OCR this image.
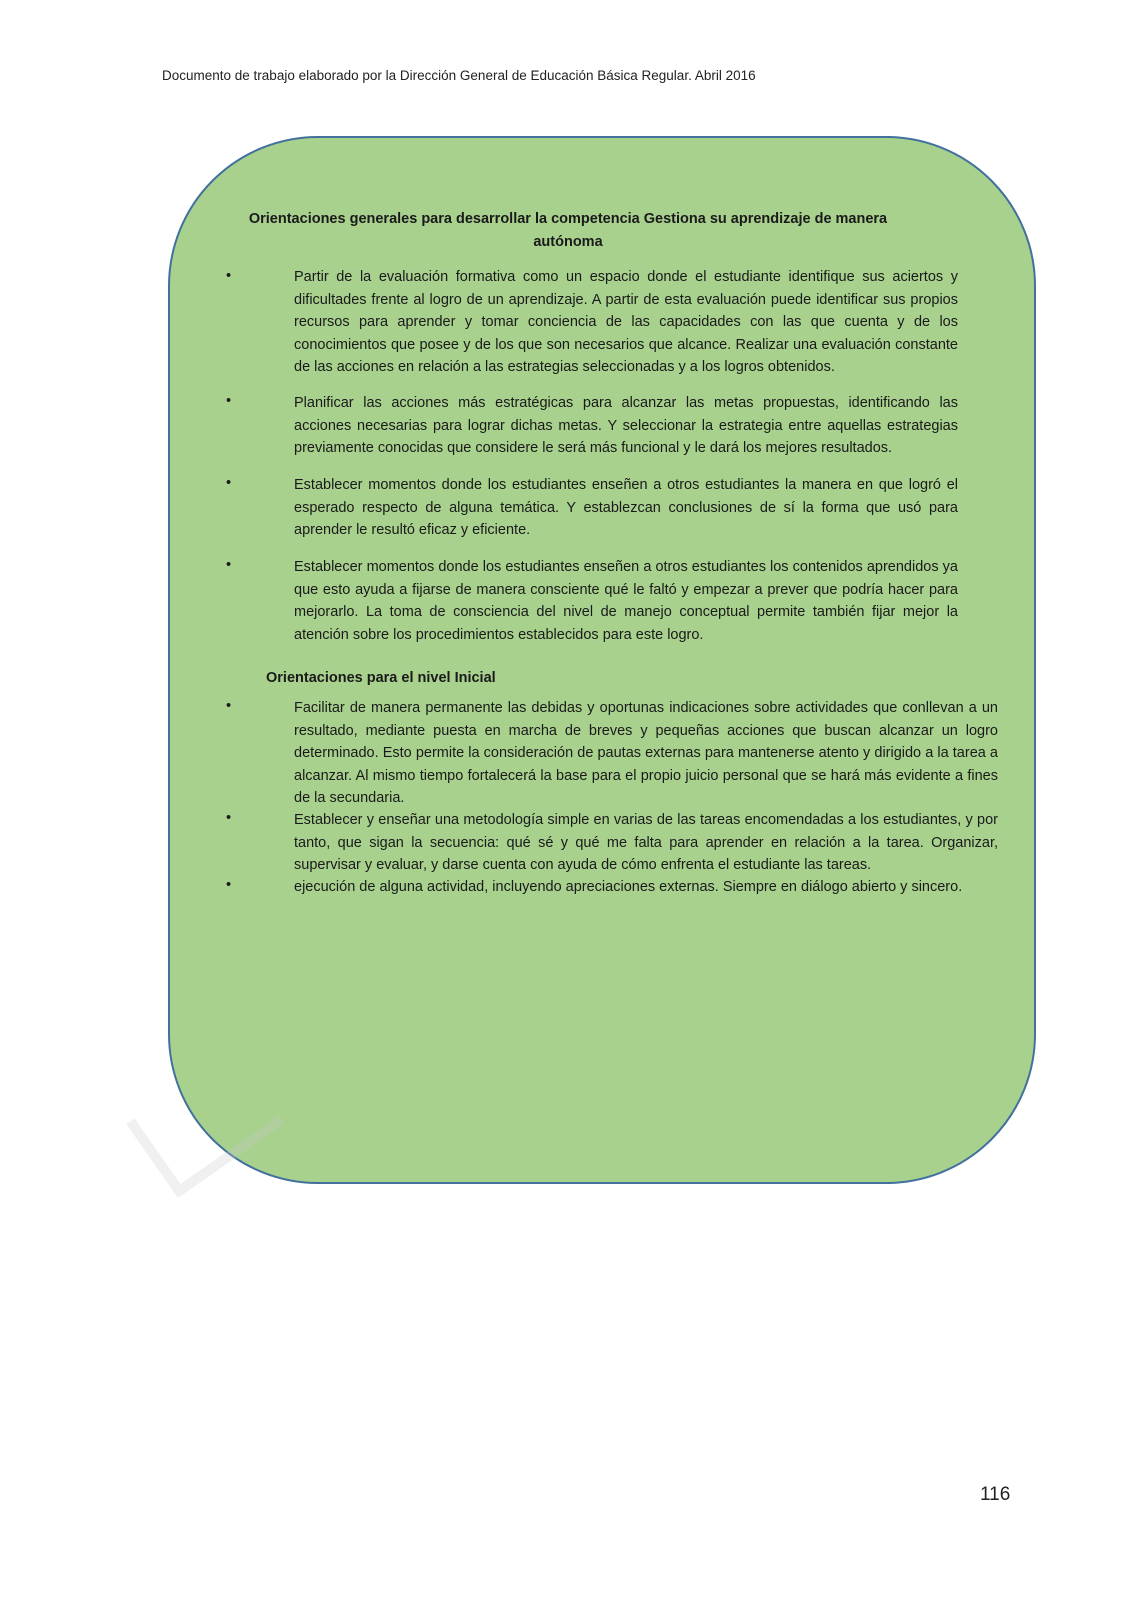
Documento de trabajo elaborado por la Dirección General de Educación Básica Regular. Abril 2016
Orientaciones generales para desarrollar la competencia Gestiona su aprendizaje de manera autónoma
•	Partir de la evaluación formativa como un espacio donde el estudiante identifique sus aciertos y dificultades frente al logro de un aprendizaje. A partir de esta evaluación puede identificar sus propios recursos para aprender y tomar conciencia de las capacidades con las que cuenta y de los conocimientos que posee y de los que son necesarios que alcance. Realizar una evaluación constante de las acciones en relación a las estrategias seleccionadas y a los logros obtenidos.
•	Planificar las acciones más estratégicas para alcanzar las metas propuestas, identificando las acciones necesarias para lograr dichas metas. Y seleccionar la estrategia entre aquellas estrategias previamente conocidas que considere le será más funcional y le dará los mejores resultados.
•	Establecer momentos donde los estudiantes enseñen a otros estudiantes la manera en que logró el esperado respecto de alguna temática. Y establezcan conclusiones de sí la forma que usó para aprender le resultó eficaz y eficiente.
•	Establecer momentos donde los estudiantes enseñen a otros estudiantes los contenidos aprendidos ya que esto ayuda a fijarse de manera consciente qué le faltó y empezar a prever que podría hacer para mejorarlo. La toma de consciencia del nivel de manejo conceptual permite también fijar mejor la atención sobre los procedimientos establecidos para este logro.
Orientaciones para el nivel Inicial
•	Facilitar de manera permanente las debidas y oportunas indicaciones sobre actividades que conllevan a un resultado, mediante puesta en marcha de breves y pequeñas acciones que buscan alcanzar un logro determinado. Esto permite la consideración de pautas externas para mantenerse atento y dirigido a la tarea a alcanzar. Al mismo tiempo fortalecerá la base para el propio juicio personal que se hará más evidente a fines de la secundaria.
•	Establecer y enseñar una metodología simple en varias de las tareas encomendadas a los estudiantes, y por tanto, que sigan la secuencia: qué sé y qué me falta para aprender en relación a la tarea. Organizar, supervisar y evaluar, y darse cuenta con ayuda de cómo enfrenta el estudiante las tareas.
•	ejecución de alguna actividad, incluyendo apreciaciones externas. Siempre en diálogo abierto y sincero.
116
